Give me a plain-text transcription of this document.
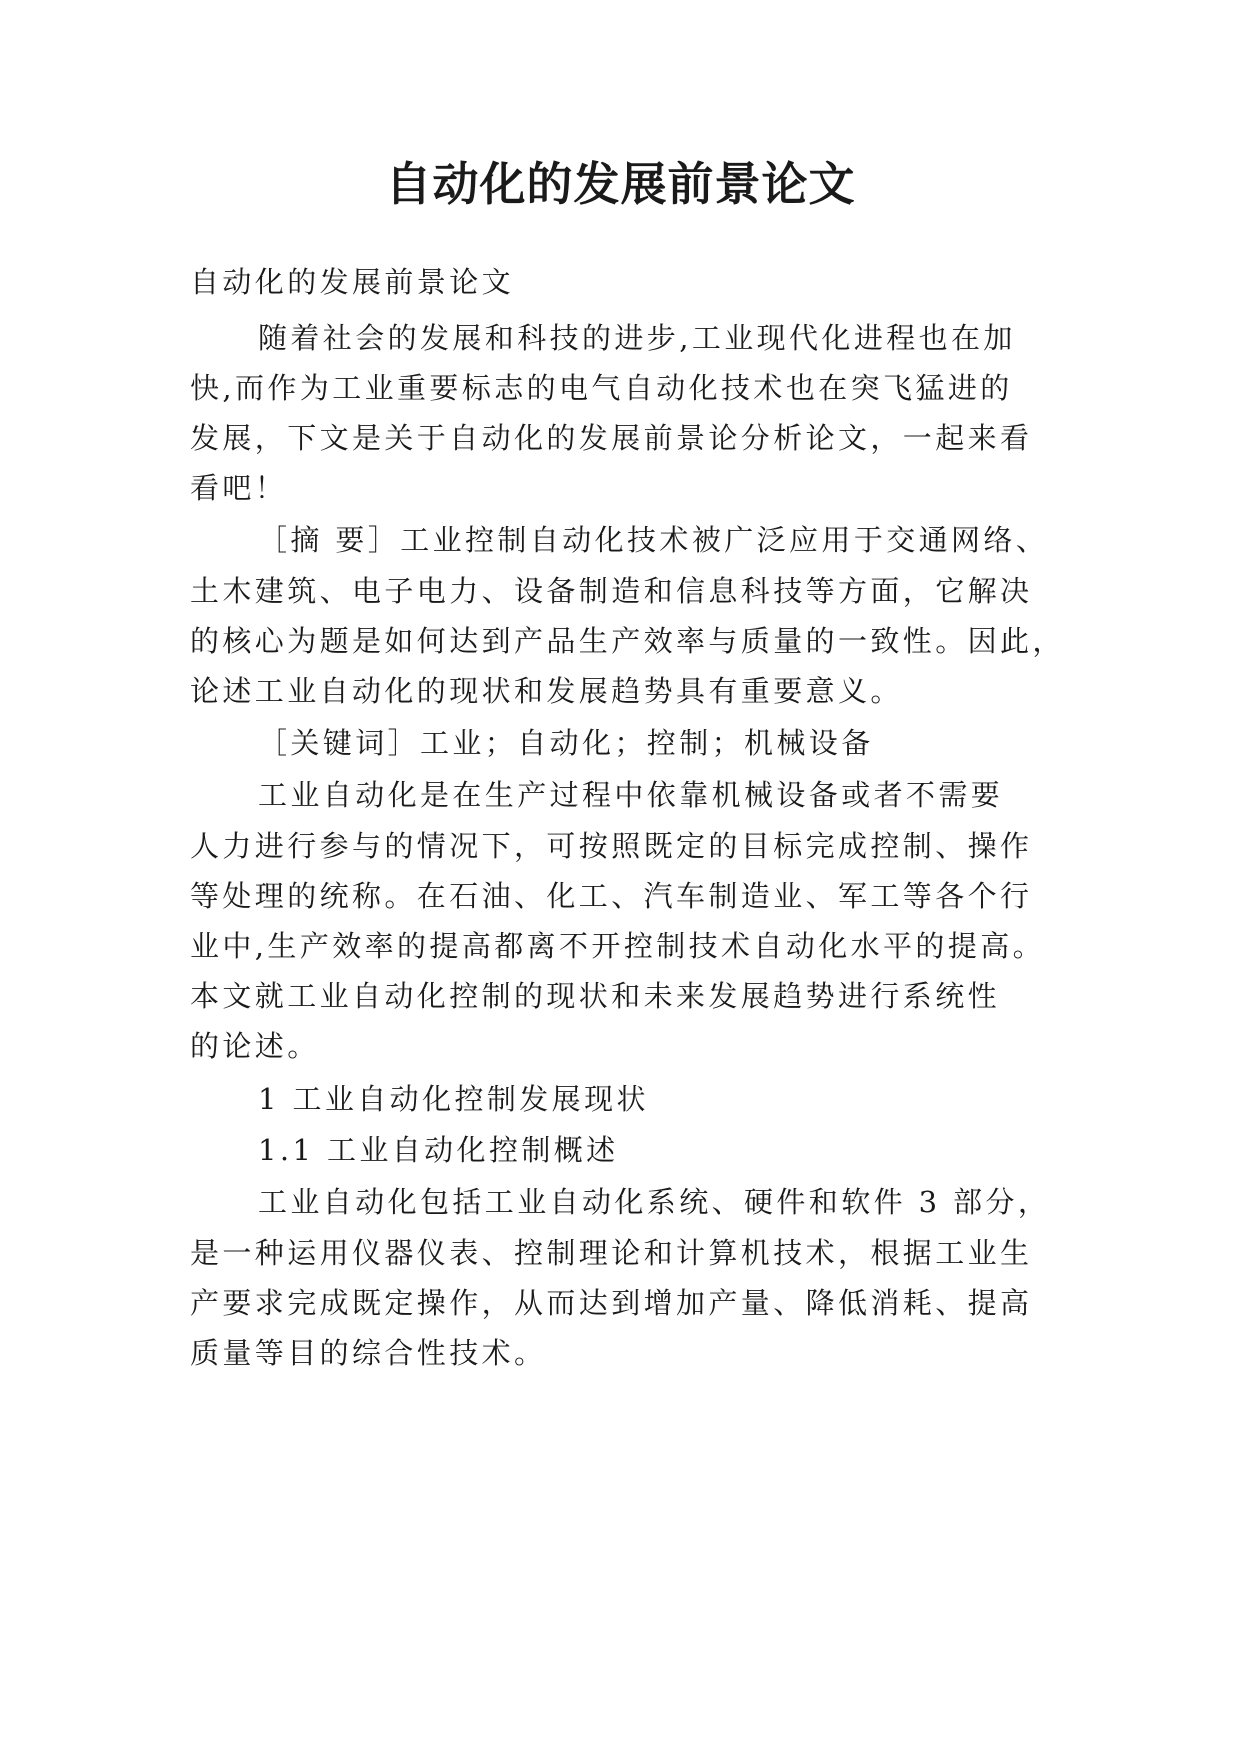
自动化的发展前景论文

自动化的发展前景论文

随着社会的发展和科技的进步,工业现代化进程也在加

快,而作为工业重要标志的电气自动化技术也在突飞猛进的

发展，下文是关于自动化的发展前景论分析论文，一起来看

看吧！

［摘 要］工业控制自动化技术被广泛应用于交通网络、

土木建筑、电子电力、设备制造和信息科技等方面，它解决

的核心为题是如何达到产品生产效率与质量的一致性。因此，

论述工业自动化的现状和发展趋势具有重要意义。

［关键词］工业；自动化；控制；机械设备

工业自动化是在生产过程中依靠机械设备或者不需要

人力进行参与的情况下，可按照既定的目标完成控制、操作

等处理的统称。在石油、化工、汽车制造业、军工等各个行

业中,生产效率的提高都离不开控制技术自动化水平的提高。

本文就工业自动化控制的现状和未来发展趋势进行系统性

的论述。

1 工业自动化控制发展现状

1.1 工业自动化控制概述

工业自动化包括工业自动化系统、硬件和软件 3 部分，

是一种运用仪器仪表、控制理论和计算机技术，根据工业生

产要求完成既定操作，从而达到增加产量、降低消耗、提高

质量等目的综合性技术。
